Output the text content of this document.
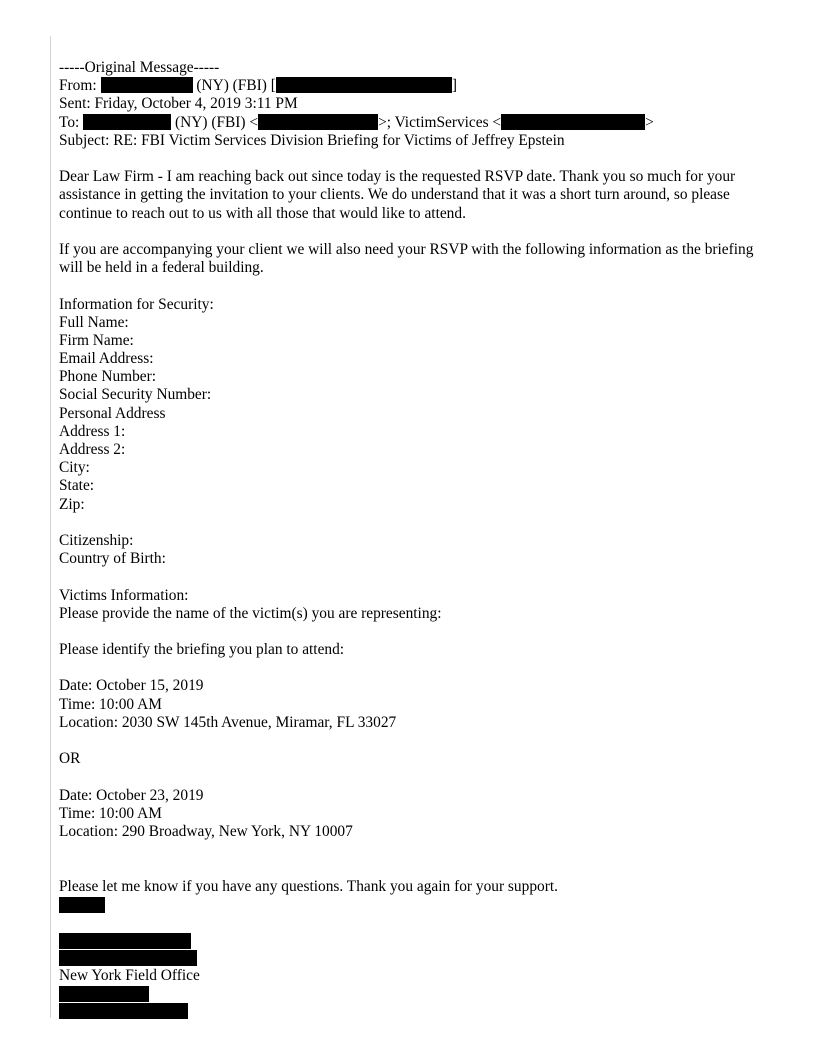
-----Original Message-----
From:	(NY) (FBI) [	]
Sent: Friday, October 4, 2019 3:11 PM
To:	(NY) (FBI) <	>; VictimServices <	>
Subject: RE: FBI Victim Services Division Briefing for Victims of Jeffrey Epstein
Dear Law Firm - I am reaching back out since today is the requested RSVP date. Thank you so much for your assistance in getting the invitation to your clients. We do understand that it was a short turn around, so please continue to reach out to us with all those that would like to attend.
If you are accompanying your client we will also need your RSVP with the following information as the briefing will be held in a federal building.
Information for Security:
Full Name:
Firm Name:
Email Address:
Phone Number:
Social Security Number:
Personal Address
Address 1:
Address 2:
City:
State:
Zip:
Citizenship:
Country of Birth:
Victims Information:
Please provide the name of the victim(s) you are representing:
Please identify the briefing you plan to attend:
Date: October 15, 2019
Time: 10:00 AM
Location: 2030 SW 145th Avenue, Miramar, FL 33027
OR
Date: October 23, 2019
Time: 10:00 AM
Location: 290 Broadway, New York, NY 10007
Please let me know if you have any questions. Thank you again for your support.
New York Field Office
